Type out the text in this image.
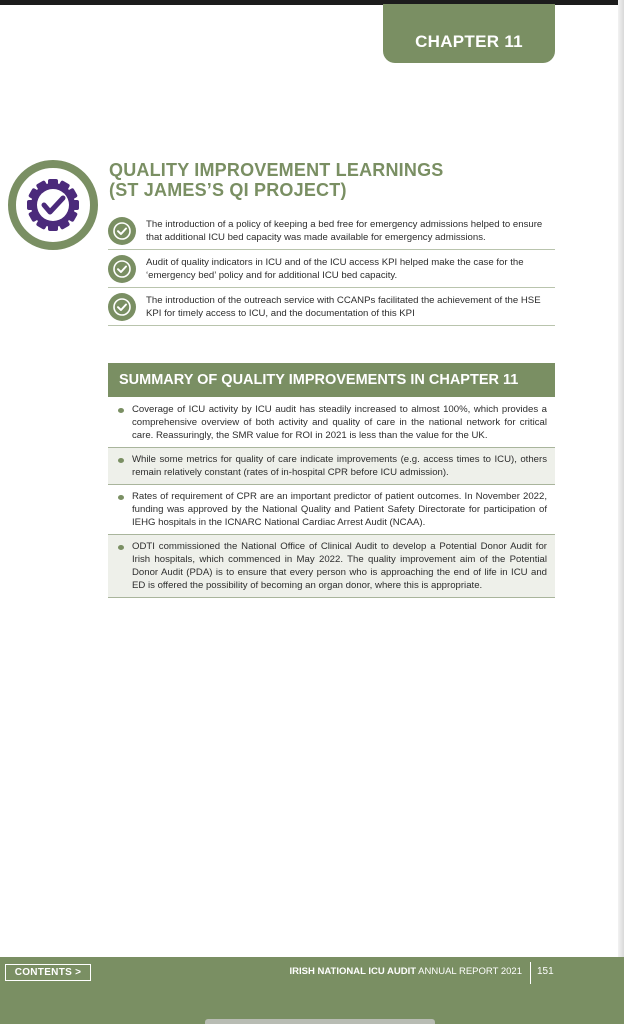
CHAPTER 11
QUALITY IMPROVEMENT LEARNINGS
(ST JAMES’S QI PROJECT)
The introduction of a policy of keeping a bed free for emergency admissions helped to ensure that additional ICU bed capacity was made available for emergency admissions.
Audit of quality indicators in ICU and of the ICU access KPI helped make the case for the ‘emergency bed’ policy and for additional ICU bed capacity.
The introduction of the outreach service with CCANPs facilitated the achievement of the HSE KPI for timely access to ICU, and the documentation of this KPI
SUMMARY OF QUALITY IMPROVEMENTS IN CHAPTER 11
Coverage of ICU activity by ICU audit has steadily increased to almost 100%, which provides a comprehensive overview of both activity and quality of care in the national network for critical care. Reassuringly, the SMR value for ROI in 2021 is less than the value for the UK.
While some metrics for quality of care indicate improvements (e.g. access times to ICU), others remain relatively constant (rates of in-hospital CPR before ICU admission).
Rates of requirement of CPR are an important predictor of patient outcomes. In November 2022, funding was approved by the National Quality and Patient Safety Directorate for participation of IEHG hospitals in the ICNARC National Cardiac Arrest Audit (NCAA).
ODTI commissioned the National Office of Clinical Audit to develop a Potential Donor Audit for Irish hospitals, which commenced in May 2022. The quality improvement aim of the Potential Donor Audit (PDA) is to ensure that every person who is approaching the end of life in ICU and ED is offered the possibility of becoming an organ donor, where this is appropriate.
CONTENTS >	IRISH NATIONAL ICU AUDIT ANNUAL REPORT 2021 151
